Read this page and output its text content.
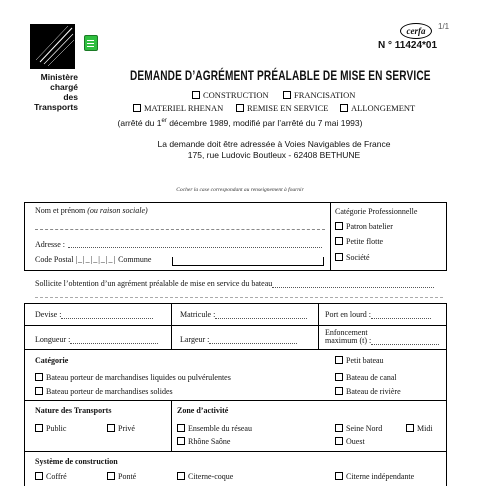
Ministère
chargé
des Transports
cerfa	1/1
N ° 11424*01
DEMANDE D’AGRÉMENT PRÉALABLE DE MISE EN SERVICE
CONSTRUCTION	FRANCISATION
MATERIEL RHENAN	REMISE EN SERVICE	ALLONGEMENT
(arrêté du 1er décembre 1989, modifié par l’arrêté du 7 mai 1993)
La demande doit être adressée à Voies Navigables de France
175, rue Ludovic Boutleux - 62408 BETHUNE
Cocher la case correspondant au renseignement à fournir
Nom et prénom (ou raison sociale)
Adresse :
Code Postal |_|_|_|_|_| Commune
Catégorie Professionnelle
Patron batelier
Petite flotte
Société
Sollicite l’obtention d’un agrément préalable de mise en service du bateau
Devise :	Matricule :	Port en lourd :
Longueur :	Largeur :
Enfoncement
maximum (t) :
Catégorie
Bateau porteur de marchandises liquides ou pulvérulentes
Bateau porteur de marchandises solides
Petit bateau
Bateau de canal
Bateau de rivière
Nature des Transports
Public	Privé
Zone d’activité
Ensemble du réseau
Rhône Saône
Seine Nord	Midi
Ouest
Système de construction
Coffré	Ponté	Citerne-coque	Citerne indépendante
